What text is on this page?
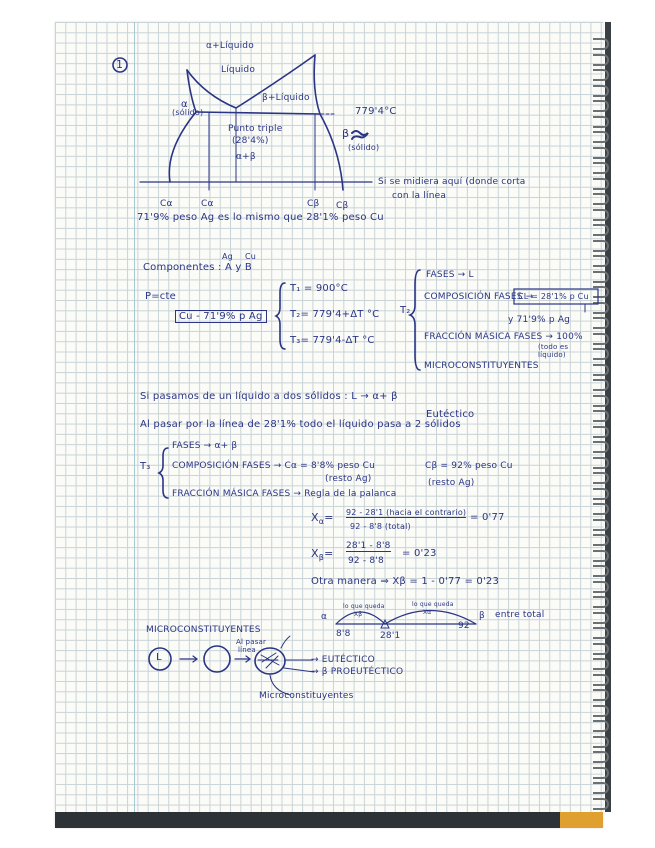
1
α+Líquido
Líquido
β+Líquido
α
(sólido)	779'4°C
Punto triple
(28'4%)
α+β
β
(sólido)
Cα	Cα	Cβ Cβ
Si se midiera aquí (donde corta
con la línea
71'9% peso Ag es lo mismo que 28'1% peso Cu
Ag Cu
Componentes : A y B
P=cte
Cu - 71'9% p Ag
T₁ = 900°C
T₂= 779'4+ΔT °C
T₃= 779'4-ΔT °C
T₂
FASES → L
COMPOSICIÓN FASES →
CL = 28'1% p Cu
y 71'9% p Ag
FRACCIÓN MÁSICA FASES → 100%
(todo es
líquido)
MICROCONSTITUYENTES
Si pasamos de un líquido a dos sólidos : L → α+ β
Eutéctico
Al pasar por la línea de 28'1% todo el líquido pasa a 2 sólidos
T₃
FASES → α+ β
COMPOSICIÓN FASES → Cα = 8'8% peso Cu
(resto Ag)
Cβ = 92% peso Cu
(resto Ag)
FRACCIÓN MÁSICA FASES → Regla de la palanca
$X_\alpha= 92 - 28'1$ (hacia el contrario)
92 - 8'8 (total)
= 0'77
$X_\beta=$
28'1 - 8'8
92 - 8'8
= 0'23
Otra manera ⇒ Xβ = 1 - 0'77 = 0'23
α	β
lo que queda
Xβ
lo que queda
Xα
8'8	28'1
92
entre total
MICROCONSTITUYENTES
L
Al pasar
línea
→ EUTÉCTICO
→ β PROEUTÉCTICO
Microconstituyentes
